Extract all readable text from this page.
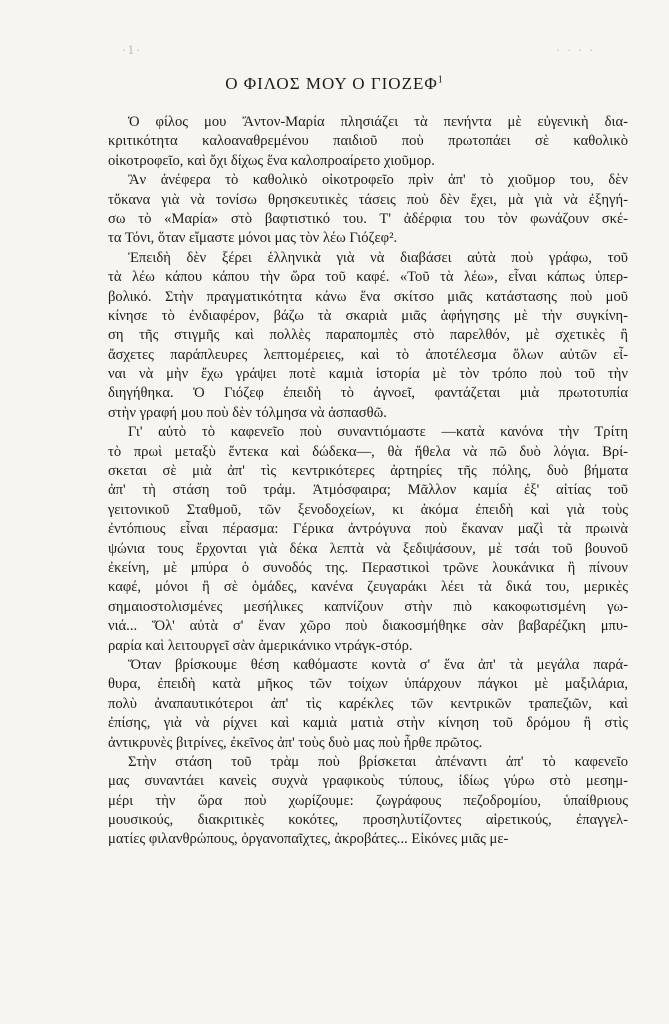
·1·	· · · ·
Ο ΦΙΛΟΣ ΜΟΥ Ο ΓΙΟΖΕΦ$^1$
Ὁ φίλος μου Ἄντον-Μαρία πλησιάζει τὰ πενήντα μὲ εὐγενικὴ δια-
κριτικότητα καλοαναθρεμένου παιδιοῦ ποὺ πρωτοπάει σὲ καθολικὸ
οἰκοτροφεῖο, καὶ ὄχι δίχως ἕνα καλοπροαίρετο χιοῦμορ.
Ἂν ἀνέφερα τὸ καθολικὸ οἰκοτροφεῖο πρὶν ἀπ' τὸ χιοῦμορ του, δὲν
τὄκανα γιὰ νὰ τονίσω θρησκευτικὲς τάσεις ποὺ δὲν ἔχει, μὰ γιὰ νὰ ἐξηγή-
σω τὸ «Μαρία» στὸ βαφτιστικό του. Τ' ἀδέρφια του τὸν φωνάζουν σκέ-
τα Τόνι, ὅταν εἴμαστε μόνοι μας τὸν λέω Γιόζεφ².
Ἐπειδὴ δὲν ξέρει ἑλληνικὰ γιὰ νὰ διαβάσει αὐτὰ ποὺ γράφω, τοῦ
τὰ λέω κάπου κάπου τὴν ὥρα τοῦ καφέ. «Τοῦ τὰ λέω», εἶναι κάπως ὑπερ-
βολικό. Στὴν πραγματικότητα κάνω ἕνα σκίτσο μιᾶς κατάστασης ποὺ μοῦ
κίνησε τὸ ἐνδιαφέρον, βάζω τὰ σκαριὰ μιᾶς ἀφήγησης μὲ τὴν συγκίνη-
ση τῆς στιγμῆς καὶ πολλὲς παραπομπὲς στὸ παρελθόν, μὲ σχετικὲς ἢ
ἄσχετες παράπλευρες λεπτομέρειες, καὶ τὸ ἀποτέλεσμα ὅλων αὐτῶν εἶ-
ναι νὰ μὴν ἔχω γράψει ποτὲ καμιὰ ἱστορία μὲ τὸν τρόπο ποὺ τοῦ τὴν
διηγήθηκα. Ὁ Γιόζεφ ἐπειδὴ τὸ ἀγνοεῖ, φαντάζεται μιὰ πρωτοτυπία
στὴν γραφή μου ποὺ δὲν τόλμησα νὰ ἀσπασθῶ.
Γι' αὐτὸ τὸ καφενεῖο ποὺ συναντιόμαστε —κατὰ κανόνα τὴν Τρίτη
τὸ πρωὶ μεταξὺ ἕντεκα καὶ δώδεκα—, θὰ ἤθελα νὰ πῶ δυὸ λόγια. Βρί-
σκεται σὲ μιὰ ἀπ' τὶς κεντρικότερες ἀρτηρίες τῆς πόλης, δυὸ βήματα
ἀπ' τὴ στάση τοῦ τράμ. Ἀτμόσφαιρα; Μᾶλλον καμία ἐξ' αἰτίας τοῦ
γειτονικοῦ Σταθμοῦ, τῶν ξενοδοχείων, κι ἀκόμα ἐπειδὴ καὶ γιὰ τοὺς
ἐντόπιους εἶναι πέρασμα: Γέρικα ἀντρόγυνα ποὺ ἔκαναν μαζὶ τὰ πρωινὰ
ψώνια τους ἔρχονται γιὰ δέκα λεπτὰ νὰ ξεδιψάσουν, μὲ τσάι τοῦ βουνοῦ
ἐκείνη, μὲ μπύρα ὁ συνοδός της. Περαστικοὶ τρῶνε λουκάνικα ἢ πίνουν
καφέ, μόνοι ἢ σὲ ὁμάδες, κανένα ζευγαράκι λέει τὰ δικά του, μερικὲς
σημαιοστολισμένες μεσήλικες καπνίζουν στὴν πιὸ κακοφωτισμένη γω-
νιά... Ὅλ' αὐτὰ σ' ἕναν χῶρο ποὺ διακοσμήθηκε σὰν βαβαρέζικη μπυ-
ραρία καὶ λειτουργεῖ σὰν ἀμερικάνικο ντράγκ-στόρ.
Ὅταν βρίσκουμε θέση καθόμαστε κοντὰ σ' ἕνα ἀπ' τὰ μεγάλα παρά-
θυρα, ἐπειδὴ κατὰ μῆκος τῶν τοίχων ὑπάρχουν πάγκοι μὲ μαξιλάρια,
πολὺ ἀναπαυτικότεροι ἀπ' τὶς καρέκλες τῶν κεντρικῶν τραπεζιῶν, καὶ
ἐπίσης, γιὰ νὰ ρίχνει καὶ καμιὰ ματιὰ στὴν κίνηση τοῦ δρόμου ἢ στὶς
ἀντικρυνὲς βιτρίνες, ἐκεῖνος ἀπ' τοὺς δυὸ μας ποὺ ἦρθε πρῶτος.
Στὴν στάση τοῦ τρὰμ ποὺ βρίσκεται ἀπέναντι ἀπ' τὸ καφενεῖο
μας συναντάει κανεὶς συχνὰ γραφικοὺς τύπους, ἰδίως γύρω στὸ μεσημ-
μέρι τὴν ὥρα ποὺ χωρίζουμε: ζωγράφους πεζοδρομίου, ὑπαίθριους
μουσικούς, διακριτικὲς κοκότες, προσηλυτίζοντες αἱρετικούς, ἐπαγγελ-
ματίες φιλανθρώπους, ὀργανοπαῖχτες, ἀκροβάτες... Εἰκόνες μιᾶς με-
